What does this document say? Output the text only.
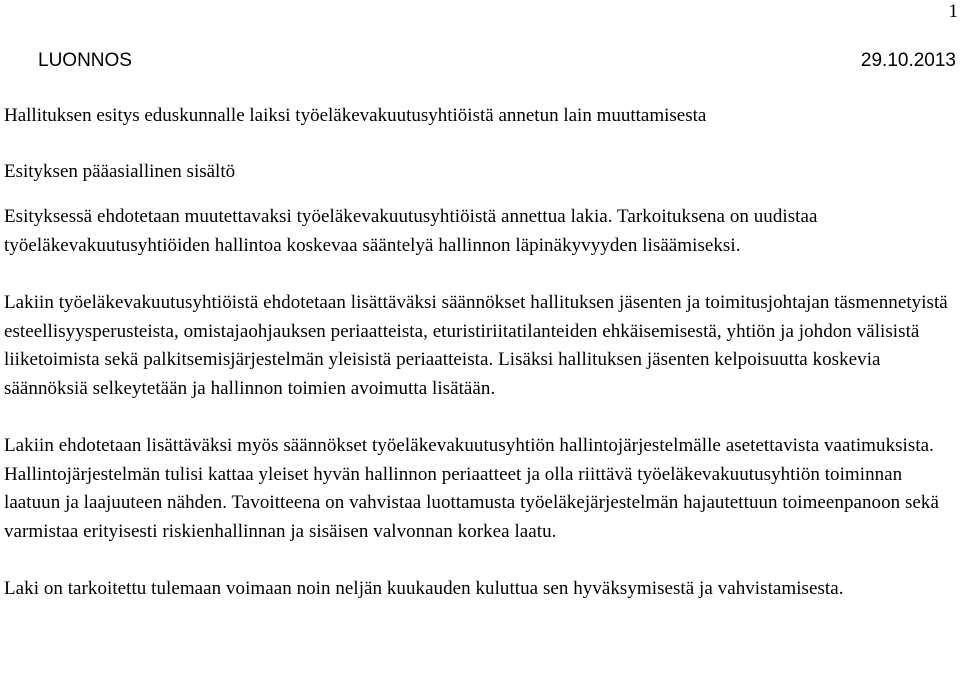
1
LUONNOS	29.10.2013
Hallituksen esitys eduskunnalle laiksi työeläkevakuutusyhtiöistä annetun lain muuttamisesta
Esityksen pääasiallinen sisältö

Esityksessä ehdotetaan muutettavaksi työeläkevakuutusyhtiöistä annettua lakia. Tarkoituksena on uudistaa työeläkevakuutusyhtiöiden hallintoa koskevaa sääntelyä hallinnon läpinäkyvyyden lisäämiseksi.

Lakiin työeläkevakuutusyhtiöistä ehdotetaan lisättäväksi säännökset hallituksen jäsenten ja toimitusjohtajan täsmennetyistä esteellisyysperusteista, omistajaohjauksen periaatteista, eturistiriitatilanteiden ehkäisemisestä, yhtiön ja johdon välisistä liiketoimista sekä palkitsemisjärjestelmän yleisistä periaatteista. Lisäksi hallituksen jäsenten kelpoisuutta koskevia säännöksiä selkeytetään ja hallinnon toimien avoimutta lisätään.

Lakiin ehdotetaan lisättäväksi myös säännökset työeläkevakuutusyhtiön hallintojärjestelmälle asetettavista vaatimuksista. Hallintojärjestelmän tulisi kattaa yleiset hyvän hallinnon periaatteet ja olla riittävä työeläkevakuutusyhtiön toiminnan laatuun ja laajuuteen nähden. Tavoitteena on vahvistaa luottamusta työeläkejärjestelmän hajautettuun toimeenpanoon sekä varmistaa erityisesti riskienhallinnan ja sisäisen valvonnan korkea laatu.

Laki on tarkoitettu tulemaan voimaan noin neljän kuukauden kuluttua sen hyväksymisestä ja vahvistamisesta.
